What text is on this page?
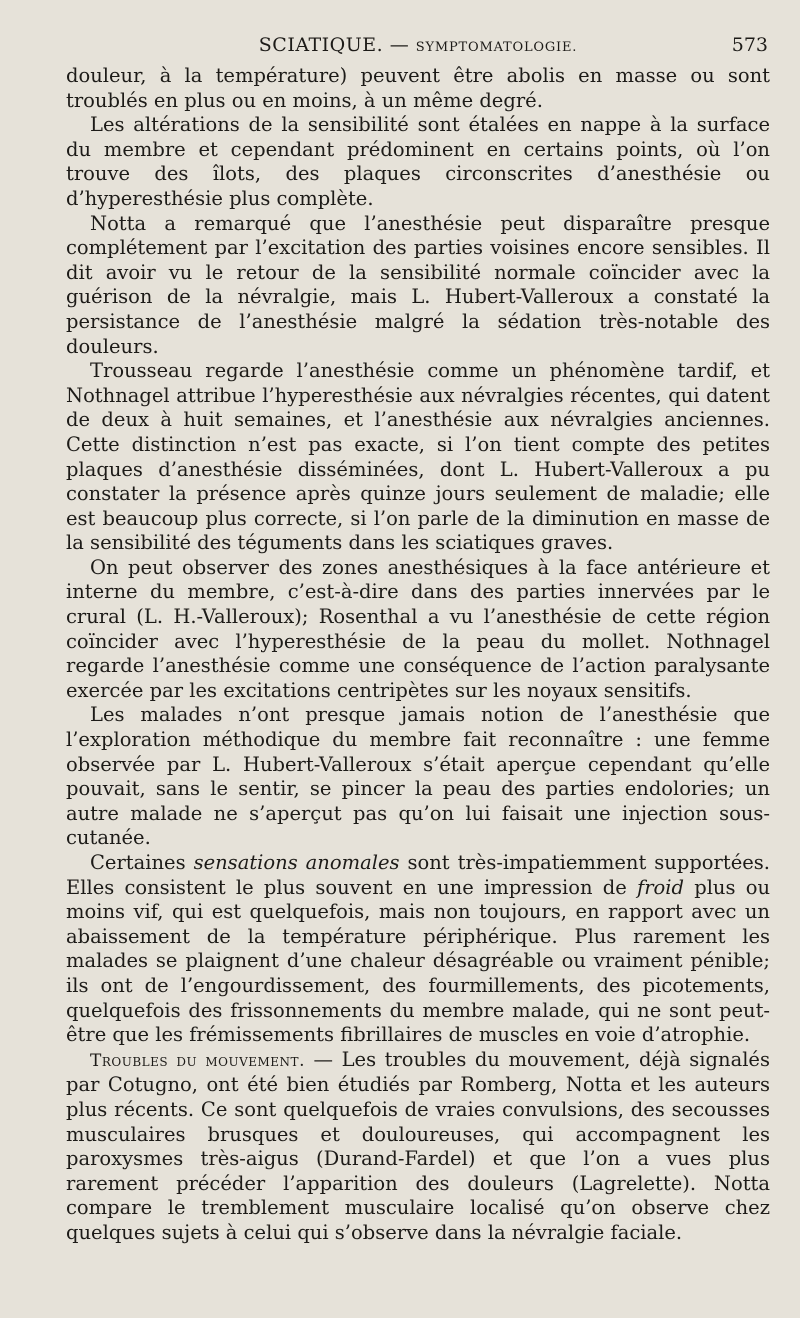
SCIATIQUE. — SYMPTOMATOLOGIE.	573

douleur, à la température) peuvent être abolis en masse ou sont troublés en plus ou en moins, à un même degré.

Les altérations de la sensibilité sont étalées en nappe à la surface du membre et cependant prédominent en certains points, où l’on trouve des îlots, des plaques circonscrites d’anesthésie ou d’hyperesthésie plus complète.

Notta a remarqué que l’anesthésie peut disparaître presque complétement par l’excitation des parties voisines encore sensibles. Il dit avoir vu le retour de la sensibilité normale coïncider avec la guérison de la névralgie, mais L. Hubert-Valleroux a constaté la persistance de l’anesthésie malgré la sédation très-notable des douleurs.

Trousseau regarde l’anesthésie comme un phénomène tardif, et Nothnagel attribue l’hyperesthésie aux névralgies récentes, qui datent de deux à huit semaines, et l’anesthésie aux névralgies anciennes. Cette distinction n’est pas exacte, si l’on tient compte des petites plaques d’anesthésie disséminées, dont L. Hubert-Valleroux a pu constater la présence après quinze jours seulement de maladie; elle est beaucoup plus correcte, si l’on parle de la diminution en masse de la sensibilité des téguments dans les sciatiques graves.

On peut observer des zones anesthésiques à la face antérieure et interne du membre, c’est-à-dire dans des parties innervées par le crural (L. H.-Valleroux); Rosenthal a vu l’anesthésie de cette région coïncider avec l’hyperesthésie de la peau du mollet. Nothnagel regarde l’anesthésie comme une conséquence de l’action paralysante exercée par les excitations centripètes sur les noyaux sensitifs.

Les malades n’ont presque jamais notion de l’anesthésie que l’exploration méthodique du membre fait reconnaître : une femme observée par L. Hubert-Valleroux s’était aperçue cependant qu’elle pouvait, sans le sentir, se pincer la peau des parties endolories; un autre malade ne s’aperçut pas qu’on lui faisait une injection sous-cutanée.

Certaines sensations anomales sont très-impatiemment supportées. Elles consistent le plus souvent en une impression de froid plus ou moins vif, qui est quelquefois, mais non toujours, en rapport avec un abaissement de la température périphérique. Plus rarement les malades se plaignent d’une chaleur désagréable ou vraiment pénible; ils ont de l’engourdissement, des fourmillements, des picotements, quelquefois des frissonnements du membre malade, qui ne sont peut-être que les frémissements fibrillaires de muscles en voie d’atrophie.

Troubles du mouvement. — Les troubles du mouvement, déjà signalés par Cotugno, ont été bien étudiés par Romberg, Notta et les auteurs plus récents. Ce sont quelquefois de vraies convulsions, des secousses musculaires brusques et douloureuses, qui accompagnent les paroxysmes très-aigus (Durand-Fardel) et que l’on a vues plus rarement précéder l’apparition des douleurs (Lagrelette). Notta compare le tremblement musculaire localisé qu’on observe chez quelques sujets à celui qui s’observe dans la névralgie faciale.
